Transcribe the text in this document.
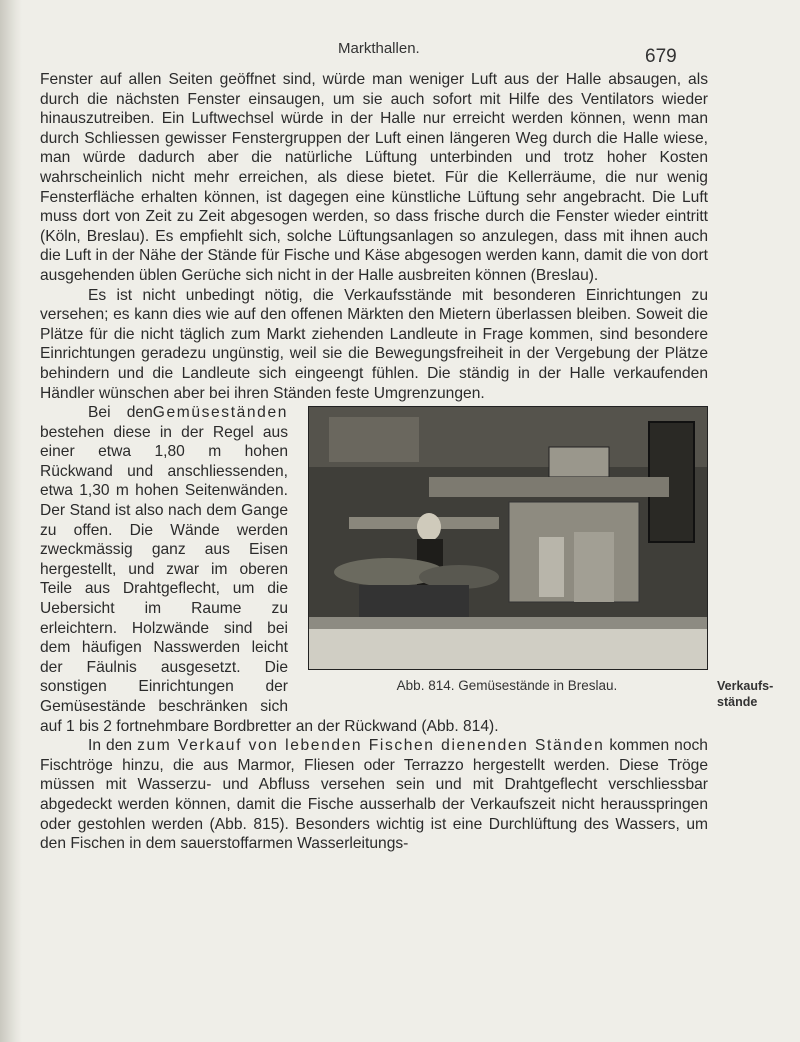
Markthallen.	679
Verkaufs-
stände

Fenster auf allen Seiten geöffnet sind, würde man weniger Luft aus der Halle absaugen, als durch die nächsten Fenster einsaugen, um sie auch sofort mit Hilfe des Ventilators wieder hinauszutreiben. Ein Luftwechsel würde in der Halle nur erreicht werden können, wenn man durch Schliessen gewisser Fenstergruppen der Luft einen längeren Weg durch die Halle wiese, man würde dadurch aber die natürliche Lüftung unterbinden und trotz hoher Kosten wahrscheinlich nicht mehr erreichen, als diese bietet. Für die Kellerräume, die nur wenig Fensterfläche erhalten können, ist dagegen eine künstliche Lüftung sehr angebracht. Die Luft muss dort von Zeit zu Zeit abgesogen werden, so dass frische durch die Fenster wieder eintritt (Köln, Breslau). Es empfiehlt sich, solche Lüftungsanlagen so anzulegen, dass mit ihnen auch die Luft in der Nähe der Stände für Fische und Käse abgesogen werden kann, damit die von dort ausgehenden üblen Gerüche sich nicht in der Halle ausbreiten können (Breslau).

Es ist nicht unbedingt nötig, die Verkaufsstände mit besonderen Einrichtungen zu versehen; es kann dies wie auf den offenen Märkten den Mietern überlassen bleiben. Soweit die Plätze für die nicht täglich zum Markt ziehenden Landleute in Frage kommen, sind besondere Einrichtungen geradezu ungünstig, weil sie die Bewegungsfreiheit in der Vergebung der Plätze behindern und die Landleute sich eingeengt fühlen. Die ständig in der Halle verkaufenden Händler wünschen aber bei ihren Ständen feste Umgrenzungen.

Abb. 814. Gemüsestände in Breslau.

Bei denGemüseständen bestehen diese in der Regel aus einer etwa 1,80 m hohen Rückwand und anschliessenden, etwa 1,30 m hohen Seitenwänden. Der Stand ist also nach dem Gange zu offen. Die Wände werden zweckmässig ganz aus Eisen hergestellt, und zwar im oberen Teile aus Drahtgeflecht, um die Uebersicht im Raume zu erleichtern. Holzwände sind bei dem häufigen Nasswerden leicht der Fäulnis ausgesetzt. Die sonstigen Einrichtungen der Gemüsestände beschränken sich auf 1 bis 2 fortnehmbare Bordbretter an der Rückwand (Abb. 814).

In den zum Verkauf von lebenden Fischen dienenden Ständen kommen noch Fischtröge hinzu, die aus Marmor, Fliesen oder Terrazzo hergestellt werden. Diese Tröge müssen mit Wasserzu- und Abfluss versehen sein und mit Drahtgeflecht verschliessbar abgedeckt werden können, damit die Fische ausserhalb der Verkaufszeit nicht herausspringen oder gestohlen werden (Abb. 815). Besonders wichtig ist eine Durchlüftung des Wassers, um den Fischen in dem sauerstoffarmen Wasserleitungs-
